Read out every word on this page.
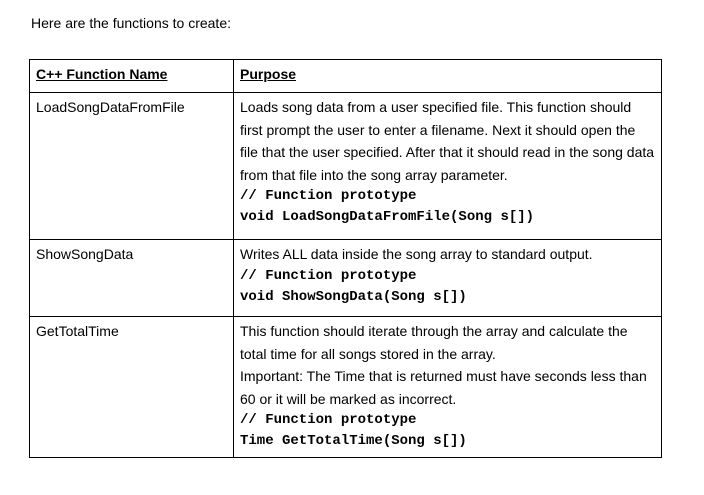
Here are the functions to create:

C++ Function Name	Purpose

LoadSongDataFromFile	Loads song data from a user specified file. This function should first prompt the user to enter a filename. Next it should open the file that the user specified. After that it should read in the song data from that file into the song array parameter.
// Function prototype
void LoadSongDataFromFile(Song s[])

ShowSongData	Writes ALL data inside the song array to standard output.
// Function prototype
void ShowSongData(Song s[])

GetTotalTime	This function should iterate through the array and calculate the total time for all songs stored in the array.
Important: The Time that is returned must have seconds less than 60 or it will be marked as incorrect.
// Function prototype
Time GetTotalTime(Song s[])
